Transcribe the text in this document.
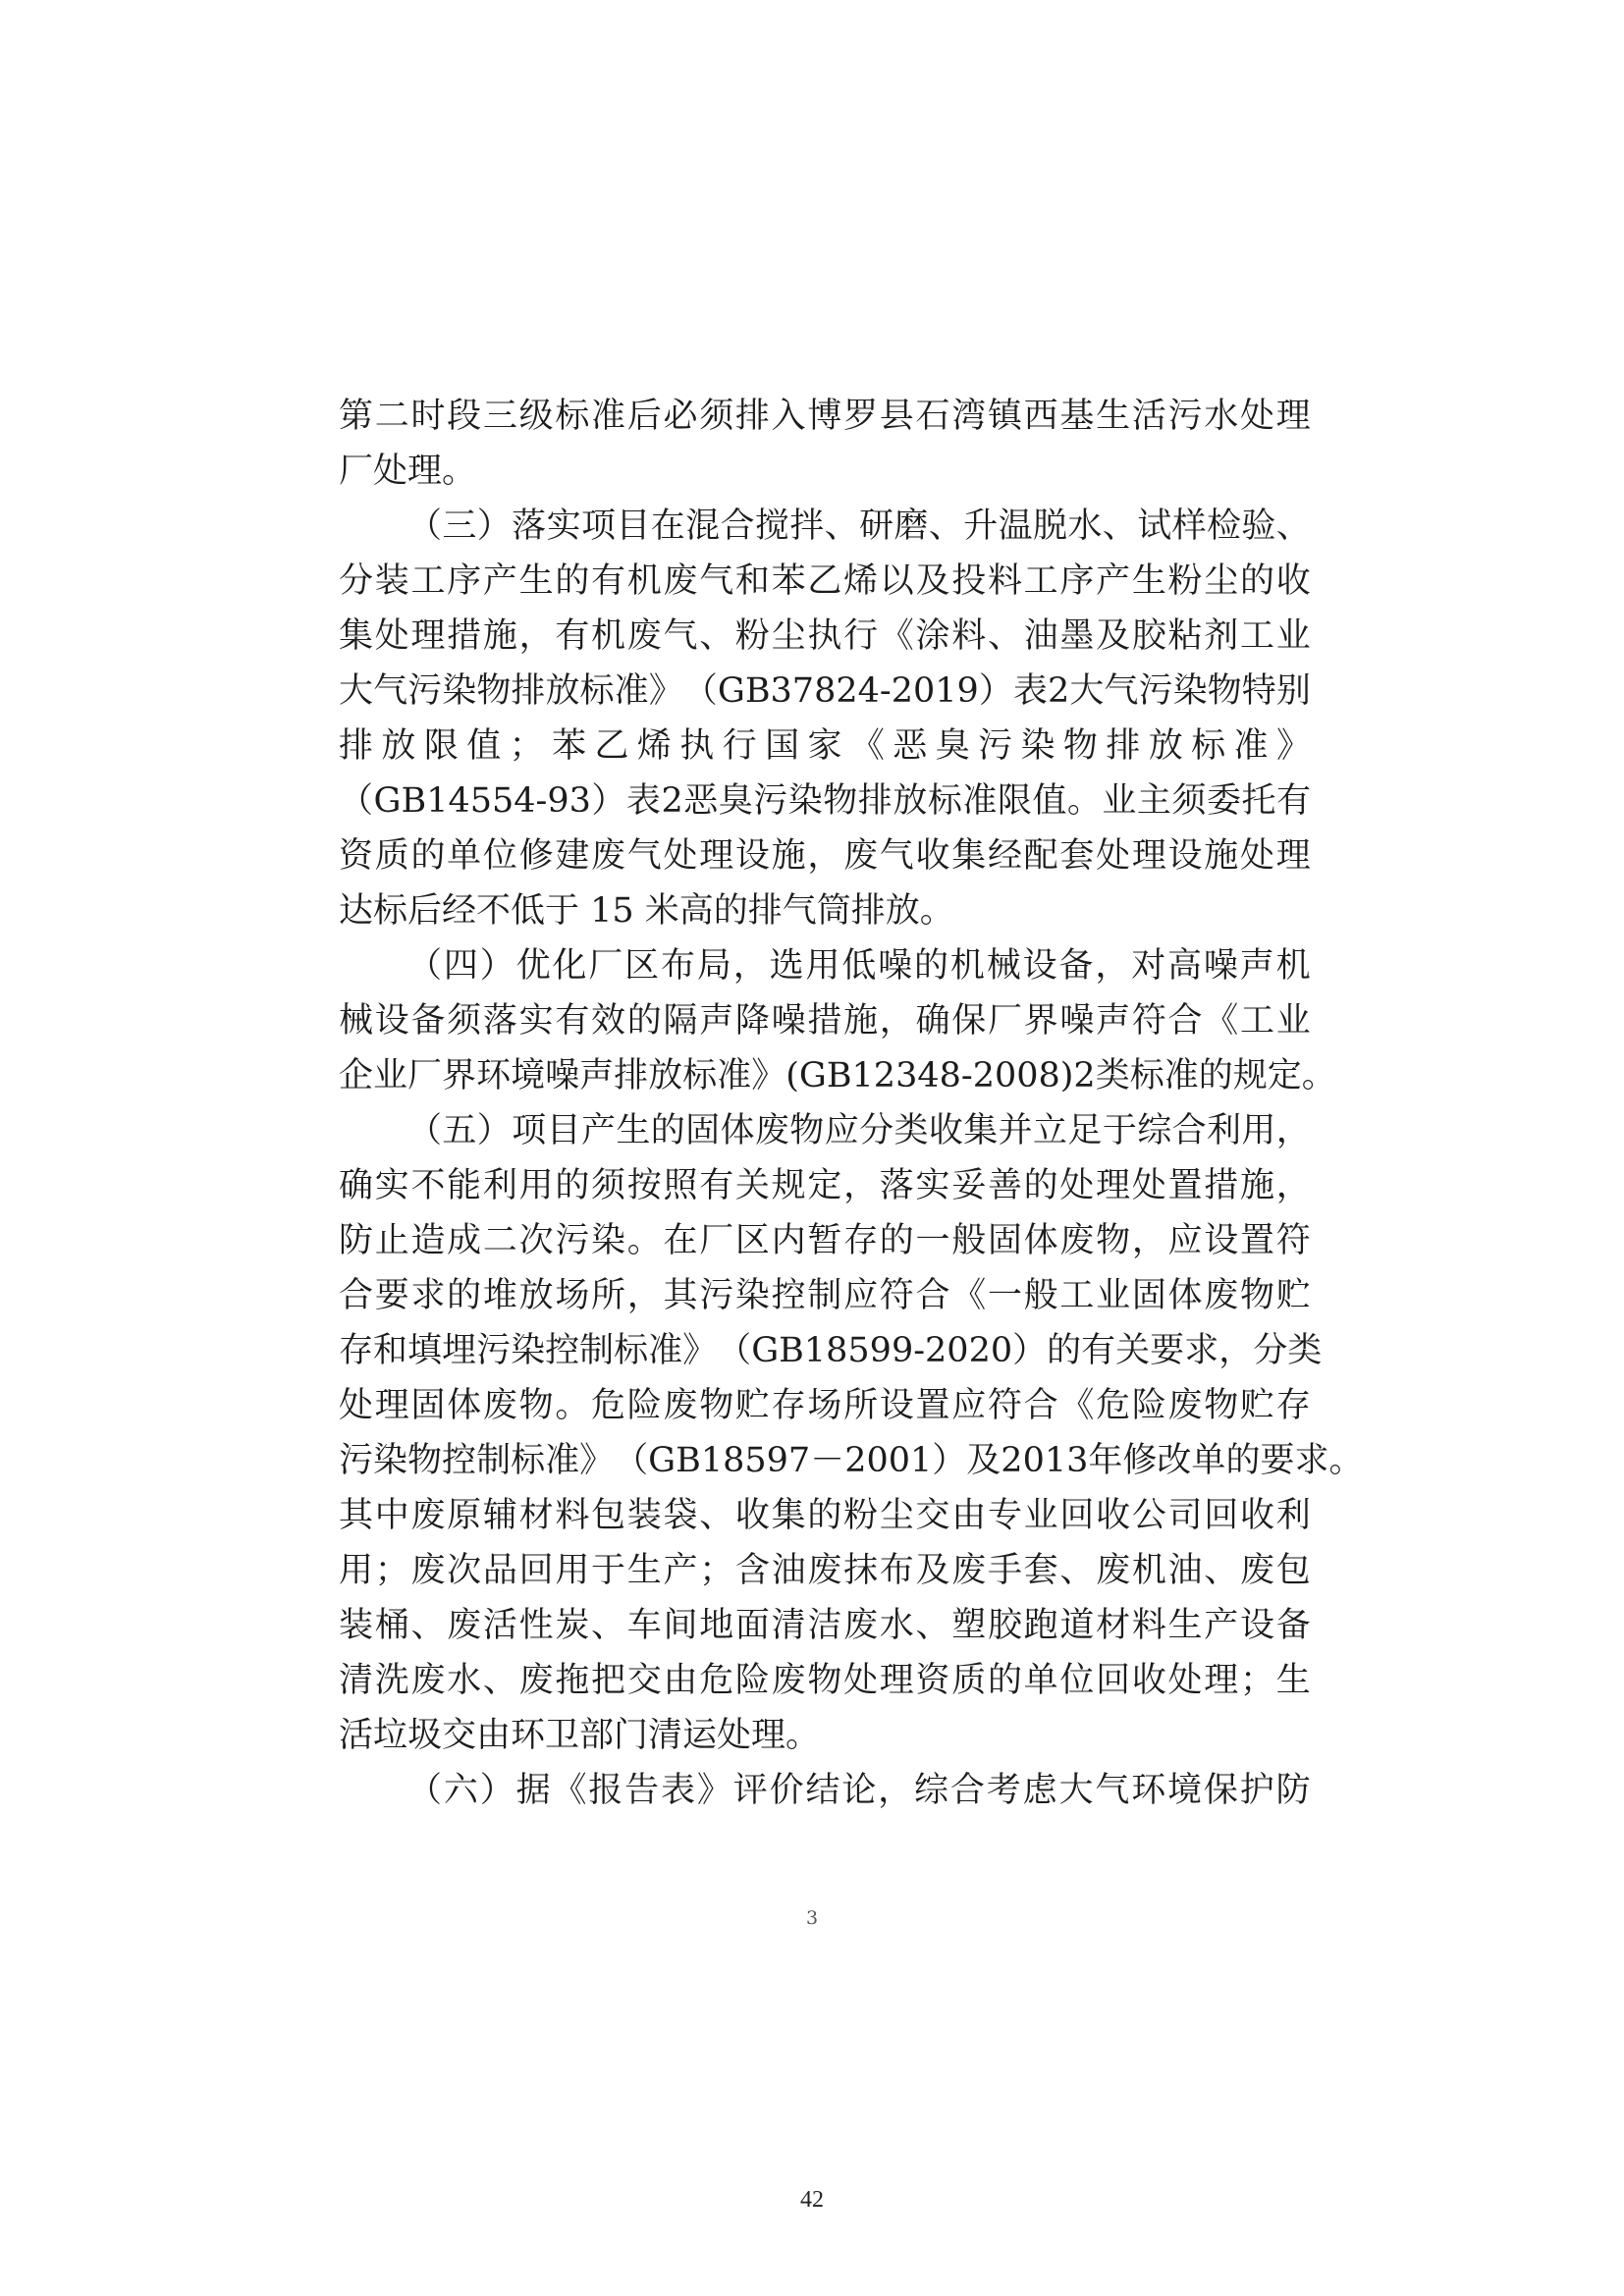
第 二 时 段 三 级 标 准 后 必 须 排 入 博 罗 县 石 湾 镇 西 基 生 活 污 水 处 理
厂处理。
（ 三 ） 落 实 项 目 在 混 合 搅 拌 、 研 磨 、 升 温 脱 水 、 试 样 检 验 、
分 装 工 序 产 生 的 有 机 废 气 和 苯 乙 烯 以 及 投 料 工 序 产 生 粉 尘 的 收
集 处 理 措 施 ， 有 机 废 气 、 粉 尘 执 行 《 涂 料 、 油 墨 及 胶 粘 剂 工 业
大 气 污 染 物 排 放 标 准 》 （ GB37824-2019 ） 表 2 大 气 污 染 物 特 别
排 放 限 值 ； 苯 乙 烯 执 行 国 家 《 恶 臭 污 染 物 排 放 标 准 》
（ GB14554-93 ） 表 2 恶 臭 污 染 物 排 放 标 准 限 值 。 业 主 须 委 托 有
资 质 的 单 位 修 建 废 气 处 理 设 施 ， 废 气 收 集 经 配 套 处 理 设 施 处 理
达标后经不低于 15 米高的排气筒排放。
（ 四 ） 优 化 厂 区 布 局 ， 选 用 低 噪 的 机 械 设 备 ， 对 高 噪 声 机
械 设 备 须 落 实 有 效 的 隔 声 降 噪 措 施 ， 确 保 厂 界 噪 声 符 合 《 工 业
企 业 厂 界 环 境 噪 声 排 放 标 准 》 (GB12348-2008)2 类 标 准 的 规 定 。
（ 五 ） 项 目 产 生 的 固 体 废 物 应 分 类 收 集 并 立 足 于 综 合 利 用 ，
确 实 不 能 利 用 的 须 按 照 有 关 规 定 ， 落 实 妥 善 的 处 理 处 置 措 施 ，
防 止 造 成 二 次 污 染 。 在 厂 区 内 暂 存 的 一 般 固 体 废 物 ， 应 设 置 符
合 要 求 的 堆 放 场 所 ， 其 污 染 控 制 应 符 合 《 一 般 工 业 固 体 废 物 贮
存 和 填 埋 污 染 控 制 标 准 》 （ GB18599-2020 ） 的 有 关 要 求 ， 分 类
处 理 固 体 废 物 。 危 险 废 物 贮 存 场 所 设 置 应 符 合 《 危 险 废 物 贮 存
污 染 物 控 制 标 准 》 （ GB18597 － 2001 ） 及 2013 年 修 改 单 的 要 求 。
其 中 废 原 辅 材 料 包 装 袋 、 收 集 的 粉 尘 交 由 专 业 回 收 公 司 回 收 利
用 ； 废 次 品 回 用 于 生 产 ； 含 油 废 抹 布 及 废 手 套 、 废 机 油 、 废 包
装 桶 、 废 活 性 炭 、 车 间 地 面 清 洁 废 水 、 塑 胶 跑 道 材 料 生 产 设 备
清 洗 废 水 、 废 拖 把 交 由 危 险 废 物 处 理 资 质 的 单 位 回 收 处 理 ； 生
活垃圾交由环卫部门清运处理。
（ 六 ） 据 《 报 告 表 》 评 价 结 论 ， 综 合 考 虑 大 气 环 境 保 护 防
3
42
